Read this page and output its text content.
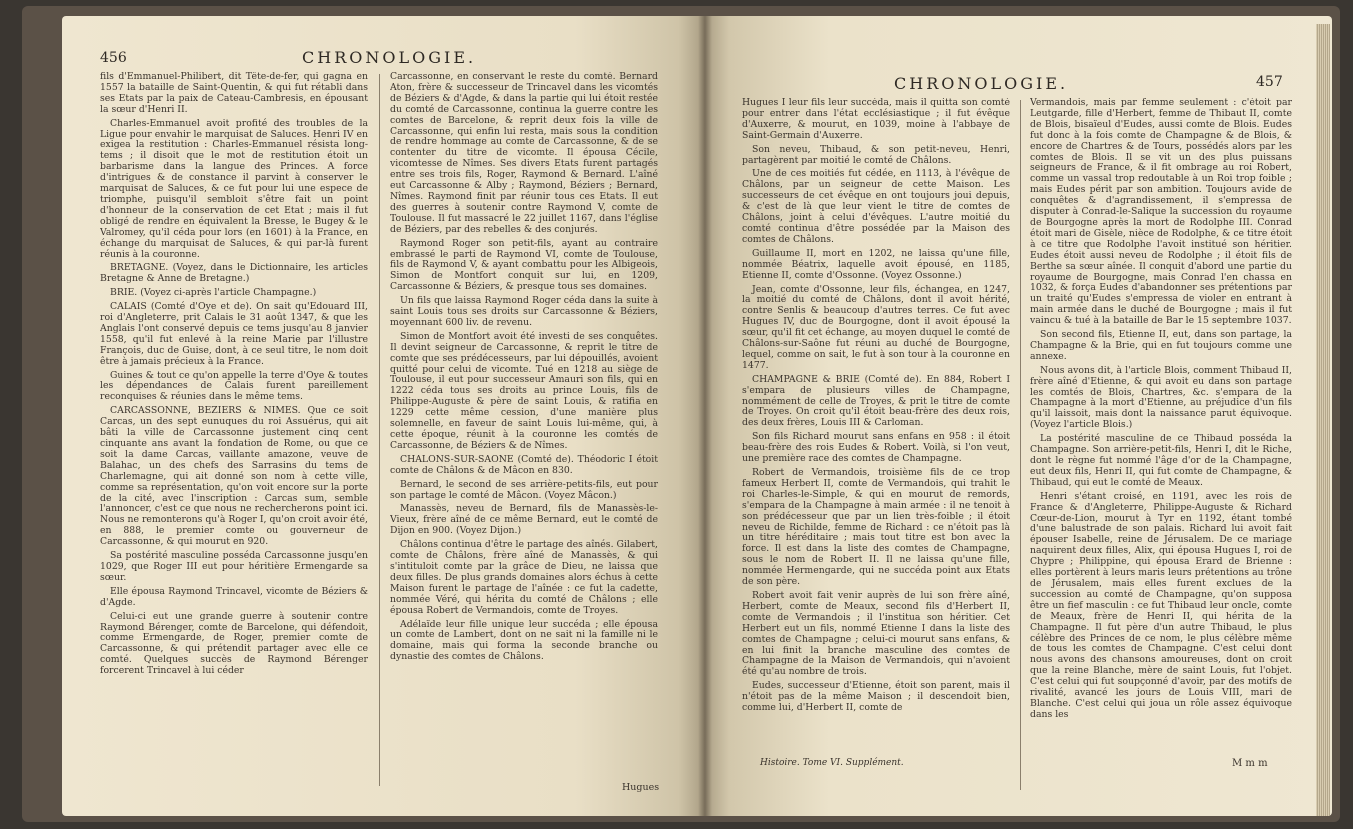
456	CHRONOLOGIE.

fils d'Emmanuel-Philibert, dit Tête-de-fer, qui gagna en 1557 la bataille de Saint-Quentin, & qui fut rétabli dans ses Etats par la paix de Cateau-Cambresis, en épousant la sœur d'Henri II.

Charles-Emmanuel avoit profité des troubles de la Ligue pour envahir le marquisat de Saluces. Henri IV en exigea la restitution : Charles-Emmanuel résista long-tems ; il disoit que le mot de restitution étoit un barbarisme dans la langue des Princes. A force d'intrigues & de constance il parvint à conserver le marquisat de Saluces, & ce fut pour lui une espece de triomphe, puisqu'il sembloit s'être fait un point d'honneur de la conservation de cet Etat ; mais il fut obligé de rendre en équivalent la Bresse, le Bugey & le Valromey, qu'il céda pour lors (en 1601) à la France, en échange du marquisat de Saluces, & qui par-là furent réunis à la couronne.

BRETAGNE. (Voyez, dans le Dictionnaire, les articles Bretagne & Anne de Bretagne.)

BRIE. (Voyez ci-après l'article Champagne.)

CALAIS (Comté d'Oye et de). On sait qu'Edouard III, roi d'Angleterre, prit Calais le 31 août 1347, & que les Anglais l'ont conservé depuis ce tems jusqu'au 8 janvier 1558, qu'il fut enlevé à la reine Marie par l'illustre François, duc de Guise, dont, à ce seul titre, le nom doit être à jamais précieux à la France.

Guines & tout ce qu'on appelle la terre d'Oye & toutes les dépendances de Calais furent pareillement reconquises & réunies dans le même tems.

CARCASSONNE, BEZIERS & NIMES. Que ce soit Carcas, un des sept eunuques du roi Assuérus, qui ait bâti la ville de Carcassonne justement cinq cent cinquante ans avant la fondation de Rome, ou que ce soit la dame Carcas, vaillante amazone, veuve de Balahac, un des chefs des Sarrasins du tems de Charlemagne, qui ait donné son nom à cette ville, comme sa représentation, qu'on voit encore sur la porte de la cité, avec l'inscription : Carcas sum, semble l'annoncer, c'est ce que nous ne rechercherons point ici. Nous ne remonterons qu'à Roger I, qu'on croit avoir été, en 888, le premier comte ou gouverneur de Carcassonne, & qui mourut en 920.

Sa postérité masculine posséda Carcassonne jusqu'en 1029, que Roger III eut pour héritière Ermengarde sa sœur.

Elle épousa Raymond Trincavel, vicomte de Béziers & d'Agde.

Celui-ci eut une grande guerre à soutenir contre Raymond Bérenger, comte de Barcelone, qui défendoit, comme Ermengarde, de Roger, premier comte de Carcassonne, & qui prétendit partager avec elle ce comté. Quelques succès de Raymond Bérenger forcerent Trincavel à lui céder

Carcassonne, en conservant le reste du comté. Bernard Aton, frère & successeur de Trincavel dans les vicomtés de Béziers & d'Agde, & dans la partie qui lui étoit restée du comté de Carcassonne, continua la guerre contre les comtes de Barcelone, & reprit deux fois la ville de Carcassonne, qui enfin lui resta, mais sous la condition de rendre hommage au comte de Carcassonne, & de se contenter du titre de vicomte. Il épousa Cécile, vicomtesse de Nîmes. Ses divers Etats furent partagés entre ses trois fils, Roger, Raymond & Bernard. L'aîné eut Carcassonne & Alby ; Raymond, Béziers ; Bernard, Nîmes. Raymond finit par réunir tous ces Etats. Il eut des guerres à soutenir contre Raymond V, comte de Toulouse. Il fut massacré le 22 juillet 1167, dans l'église de Béziers, par des rebelles & des conjurés.

Raymond Roger son petit-fils, ayant au contraire embrassé le parti de Raymond VI, comte de Toulouse, fils de Raymond V, & ayant combattu pour les Albigeois, Simon de Montfort conquit sur lui, en 1209, Carcassonne & Béziers, & presque tous ses domaines.

Un fils que laissa Raymond Roger céda dans la suite à saint Louis tous ses droits sur Carcassonne & Béziers, moyennant 600 liv. de revenu.

Simon de Montfort avoit été investi de ses conquêtes. Il devint seigneur de Carcassonne, & reprit le titre de comte que ses prédécesseurs, par lui dépouillés, avoient quitté pour celui de vicomte. Tué en 1218 au siège de Toulouse, il eut pour successeur Amauri son fils, qui en 1222 céda tous ses droits au prince Louis, fils de Philippe-Auguste & père de saint Louis, & ratifia en 1229 cette même cession, d'une manière plus solemnelle, en faveur de saint Louis lui-même, qui, à cette époque, réunit à la couronne les comtés de Carcassonne, de Béziers & de Nîmes.

CHALONS-SUR-SAONE (Comté de). Théodoric I étoit comte de Châlons & de Mâcon en 830.

Bernard, le second de ses arrière-petits-fils, eut pour son partage le comté de Mâcon. (Voyez Mâcon.)

Manassès, neveu de Bernard, fils de Manassès-le-Vieux, frère aîné de ce même Bernard, eut le comté de Dijon en 900. (Voyez Dijon.)

Châlons continua d'être le partage des aînés. Gilabert, comte de Châlons, frère aîné de Manassès, & qui s'intituloit comte par la grâce de Dieu, ne laissa que deux filles. De plus grands domaines alors échus à cette Maison furent le partage de l'aînée : ce fut la cadette, nommée Véré, qui hérita du comté de Châlons ; elle épousa Robert de Vermandois, comte de Troyes.

Adélaïde leur fille unique leur succéda ; elle épousa un comte de Lambert, dont on ne sait ni la famille ni le domaine, mais qui forma la seconde branche ou dynastie des comtes de Châlons.

Hugues
CHRONOLOGIE.	457

Hugues I leur fils leur succéda, mais il quitta son comté pour entrer dans l'état ecclésiastique ; il fut évêque d'Auxerre, & mourut, en 1039, moine à l'abbaye de Saint-Germain d'Auxerre.

Son neveu, Thibaud, & son petit-neveu, Henri, partagèrent par moitié le comté de Châlons.

Une de ces moitiés fut cédée, en 1113, à l'évêque de Châlons, par un seigneur de cette Maison. Les successeurs de cet évêque en ont toujours joui depuis, & c'est de là que leur vient le titre de comtes de Châlons, joint à celui d'évêques. L'autre moitié du comté continua d'être possédée par la Maison des comtes de Châlons.

Guillaume II, mort en 1202, ne laissa qu'une fille, nommée Béatrix, laquelle avoit épousé, en 1185, Etienne II, comte d'Ossonne. (Voyez Ossonne.)

Jean, comte d'Ossonne, leur fils, échangea, en 1247, la moitié du comté de Châlons, dont il avoit hérité, contre Senlis & beaucoup d'autres terres. Ce fut avec Hugues IV, duc de Bourgogne, dont il avoit épousé la sœur, qu'il fit cet échange, au moyen duquel le comté de Châlons-sur-Saône fut réuni au duché de Bourgogne, lequel, comme on sait, le fut à son tour à la couronne en 1477.

CHAMPAGNE & BRIE (Comté de). En 884, Robert I s'empara de plusieurs villes de Champagne, nommément de celle de Troyes, & prit le titre de comte de Troyes. On croit qu'il étoit beau-frère des deux rois, des deux frères, Louis III & Carloman.

Son fils Richard mourut sans enfans en 958 : il étoit beau-frère des rois Eudes & Robert. Voilà, si l'on veut, une première race des comtes de Champagne.

Robert de Vermandois, troisième fils de ce trop fameux Herbert II, comte de Vermandois, qui trahit le roi Charles-le-Simple, & qui en mourut de remords, s'empara de la Champagne à main armée : il ne tenoit à son prédécesseur que par un lien très-foible ; il étoit neveu de Richilde, femme de Richard : ce n'étoit pas là un titre héréditaire ; mais tout titre est bon avec la force. Il est dans la liste des comtes de Champagne, sous le nom de Robert II. Il ne laissa qu'une fille, nommée Hermengarde, qui ne succéda point aux Etats de son père.

Robert avoit fait venir auprès de lui son frère aîné, Herbert, comte de Meaux, second fils d'Herbert II, comte de Vermandois ; il l'institua son héritier. Cet Herbert eut un fils, nommé Etienne I dans la liste des comtes de Champagne ; celui-ci mourut sans enfans, & en lui finit la branche masculine des comtes de Champagne de la Maison de Vermandois, qui n'avoient été qu'au nombre de trois.

Eudes, successeur d'Etienne, étoit son parent, mais il n'étoit pas de la même Maison ; il descendoit bien, comme lui, d'Herbert II, comte de

Vermandois, mais par femme seulement : c'étoit par Leutgarde, fille d'Herbert, femme de Thibaut II, comte de Blois, bisaïeul d'Eudes, aussi comte de Blois. Eudes fut donc à la fois comte de Champagne & de Blois, & encore de Chartres & de Tours, possédés alors par les comtes de Blois. Il se vit un des plus puissans seigneurs de France, & il fit ombrage au roi Robert, comme un vassal trop redoutable à un Roi trop foible ; mais Eudes périt par son ambition. Toujours avide de conquêtes & d'agrandissement, il s'empressa de disputer à Conrad-le-Salique la succession du royaume de Bourgogne après la mort de Rodolphe III. Conrad étoit mari de Gisèle, nièce de Rodolphe, & ce titre étoit à ce titre que Rodolphe l'avoit institué son héritier. Eudes étoit aussi neveu de Rodolphe ; il étoit fils de Berthe sa sœur aînée. Il conquit d'abord une partie du royaume de Bourgogne, mais Conrad l'en chassa en 1032, & força Eudes d'abandonner ses prétentions par un traité qu'Eudes s'empressa de violer en entrant à main armée dans le duché de Bourgogne ; mais il fut vaincu & tué à la bataille de Bar le 15 septembre 1037.

Son second fils, Etienne II, eut, dans son partage, la Champagne & la Brie, qui en fut toujours comme une annexe.

Nous avons dit, à l'article Blois, comment Thibaud II, frère aîné d'Etienne, & qui avoit eu dans son partage les comtés de Blois, Chartres, &c. s'empara de la Champagne à la mort d'Etienne, au préjudice d'un fils qu'il laissoit, mais dont la naissance parut équivoque. (Voyez l'article Blois.)

La postérité masculine de ce Thibaud posséda la Champagne. Son arrière-petit-fils, Henri I, dit le Riche, dont le règne fut nommé l'âge d'or de la Champagne, eut deux fils, Henri II, qui fut comte de Champagne, & Thibaud, qui eut le comté de Meaux.

Henri s'étant croisé, en 1191, avec les rois de France & d'Angleterre, Philippe-Auguste & Richard Cœur-de-Lion, mourut à Tyr en 1192, étant tombé d'une balustrade de son palais. Richard lui avoit fait épouser Isabelle, reine de Jérusalem. De ce mariage naquirent deux filles, Alix, qui épousa Hugues I, roi de Chypre ; Philippine, qui épousa Erard de Brienne : elles portèrent à leurs maris leurs prétentions au trône de Jérusalem, mais elles furent exclues de la succession au comté de Champagne, qu'on supposa être un fief masculin : ce fut Thibaud leur oncle, comte de Meaux, frère de Henri II, qui hérita de la Champagne. Il fut père d'un autre Thibaud, le plus célèbre des Princes de ce nom, le plus célèbre même de tous les comtes de Champagne. C'est celui dont nous avons des chansons amoureuses, dont on croit que la reine Blanche, mère de saint Louis, fut l'objet. C'est celui qui fut soupçonné d'avoir, par des motifs de rivalité, avancé les jours de Louis VIII, mari de Blanche. C'est celui qui joua un rôle assez équivoque dans les

Histoire. Tome VI. Supplément.	M m m
